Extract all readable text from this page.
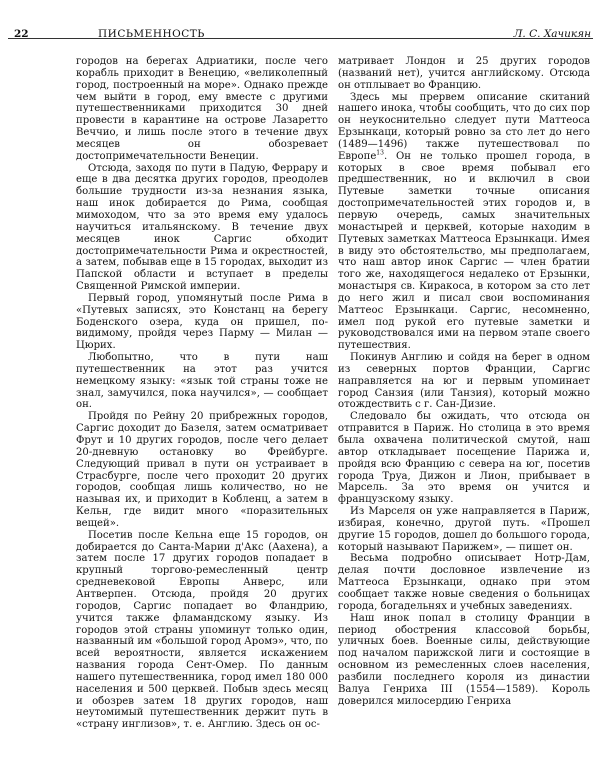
22	ПИСЬМЕННОСТЬ	Л. С. Хачикян

городов на берегах Адриатики, после чего корабль приходит в Венецию, «великолепный город, построенный на море». Однако прежде чем выйти в город, ему вместе с другими путешественниками приходится 30 дней провести в карантине на острове Лазаретто Веччио, и лишь после этого в течение двух месяцев он обозревает достопримечательности Венеции.

Отсюда, заходя по пути в Падую, Феррару и еще в два десятка других городов, преодолев большие трудности из-за незнания языка, наш инок добирается до Рима, сообщая мимоходом, что за это время ему удалось научиться итальянскому. В течение двух месяцев инок Саргис обходит достопримечательности Рима и окрестностей, а затем, побывав еще в 15 городах, выходит из Папской области и вступает в пределы Священной Римской империи.

Первый город, упомянутый после Рима в «Путевых записях, это Констанц на берегу Боденского озера, куда он пришел, по-видимому, пройдя через Парму — Милан — Цюрих.

Любопытно, что в пути наш путешественник на этот раз учится немецкому языку: «язык той страны тоже не знал, замучился, пока научился», — сообщает он.

Пройдя по Рейну 20 прибрежных городов, Саргис доходит до Базеля, затем осматривает Фрут и 10 других городов, после чего делает 20-дневную остановку во Фрейбурге. Следующий привал в пути он устраивает в Страсбурге, после чего проходит 20 других городов, сообщая лишь количество, но не называя их, и приходит в Кобленц, а затем в Кельн, где видит много «поразительных вещей».

Посетив после Кельна еще 15 городов, он добирается до Санта-Марии д'Акс (Аахена), а затем после 17 других городов попадает в крупный торгово-ремесленный центр средневековой Европы Анверс, или Антверпен. Отсюда, пройдя 20 других городов, Саргис попадает во Фландрию, учится также фламандскому языку. Из городов этой страны упоминут только один, названный им «большой город Аромэ», что, по всей вероятности, является искажением названия города Сент-Омер. По данным нашего путешественника, город имел 180 000 населения и 500 церквей. Побыв здесь месяц и обозрев затем 18 других городов, наш неутомимый путешественник держит путь в «страну инглизов», т. е. Англию. Здесь он ос-

матривает Лондон и 25 других городов (названий нет), учится английскому. Отсюда он отплывает во Францию.

Здесь мы прервем описание скитаний нашего инока, чтобы сообщить, что до сих пор он неукоснительно следует пути Маттеоса Ерзынкаци, который ровно за сто лет до него (1489—1496) также путешествовал по Европе$^{13}$. Он не только прошел города, в которых в свое время побывал его предшественник, но и включил в свои Путевые заметки точные описания достопримечательностей этих городов и, в первую очередь, самых значительных монастырей и церквей, которые находим в Путевых заметках Маттеоса Ерзынкаци. Имея в виду это обстоятельство, мы предполагаем, что наш автор инок Саргис — член братии того же, находящегося недалеко от Ерзынки, монастыря св. Киракоса, в котором за сто лет до него жил и писал свои воспоминания Маттеос Ерзынкаци. Саргис, несомненно, имел под рукой его путевые заметки и руководствовался ими на первом этапе своего путешествия.

Покинув Англию и сойдя на берег в одном из северных портов Франции, Саргис направляется на юг и первым упоминает город Санзия (или Танзия), который можно отождествить с г. Сан-Дизие.

Следовало бы ожидать, что отсюда он отправится в Париж. Но столица в это время была охвачена политической смутой, наш автор откладывает посещение Парижа и, пройдя всю Францию с севера на юг, посетив города Труа, Дижон и Лион, прибывает в Марсель. За это время он учится и французскому языку.

Из Марселя он уже направляется в Париж, избирая, конечно, другой путь. «Прошел другие 15 городов, дошел до большого города, который называют Парижем», — пишет он.

Весьма подробно описывает Нотр-Дам, делая почти дословное извлечение из Маттеоса Ерзынкаци, однако при этом сообщает также новые сведения о больницах города, богадельнях и учебных заведениях.

Наш инок попал в столицу Франции в период обострения классовой борьбы, уличных боев. Военные силы, действующие под началом парижской лиги и состоящие в основном из ремесленных слоев населения, разбили последнего короля из династии Валуа Генриха III (1554—1589). Король доверился милосердию Генриха
